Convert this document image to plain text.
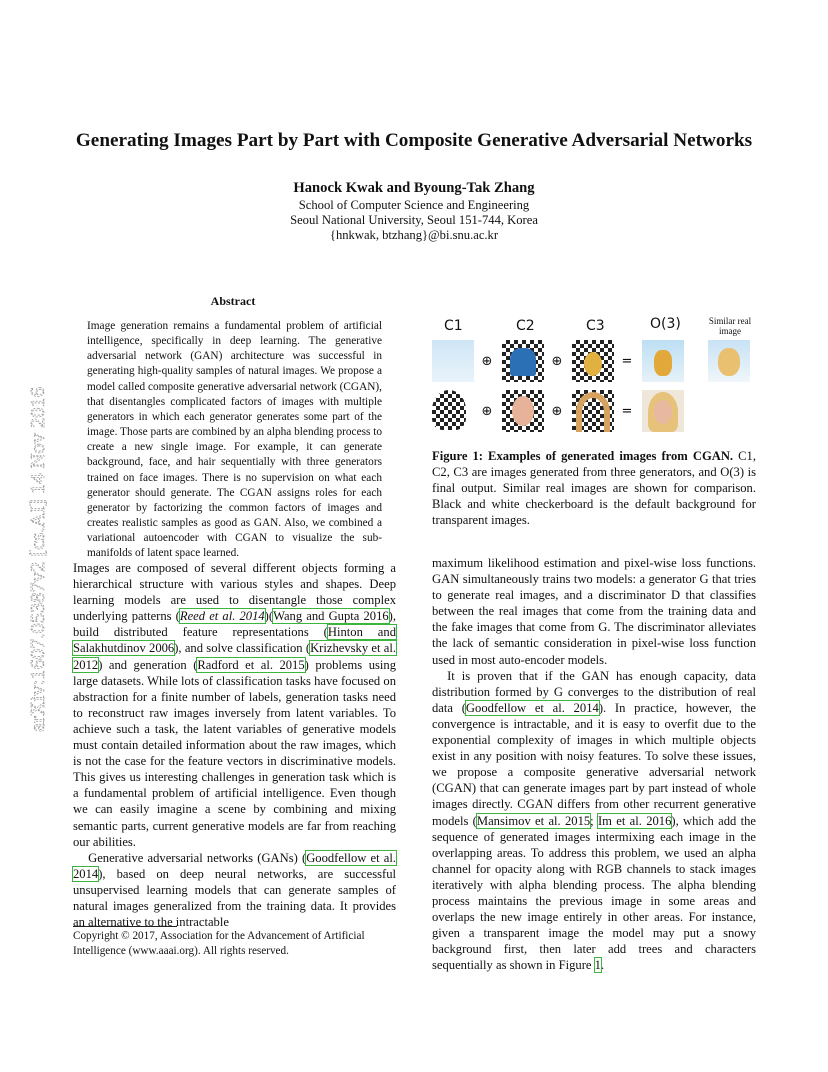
Generating Images Part by Part with Composite Generative Adversarial Networks
Hanock Kwak and Byoung-Tak Zhang
School of Computer Science and Engineering
Seoul National University, Seoul 151-744, Korea
{hnkwak, btzhang}@bi.snu.ac.kr
arXiv:1607.05387v2 [cs.AI] 14 Nov 2016
Abstract
Image generation remains a fundamental problem of artificial intelligence, specifically in deep learning. The generative adversarial network (GAN) architecture was successful in generating high-quality samples of natural images. We propose a model called composite generative adversarial network (CGAN), that disentangles complicated factors of images with multiple generators in which each generator generates some part of the image. Those parts are combined by an alpha blending process to create a new single image. For example, it can generate background, face, and hair sequentially with three generators trained on face images. There is no supervision on what each generator should generate. The CGAN assigns roles for each generator by factorizing the common factors of images and creates realistic samples as good as GAN. Also, we combined a variational autoencoder with CGAN to visualize the sub-manifolds of latent space learned.

Images are composed of several different objects forming a hierarchical structure with various styles and shapes. Deep learning models are used to disentangle those complex underlying patterns (Reed et al. 2014)(Wang and Gupta 2016), build distributed feature representations (Hinton and Salakhutdinov 2006), and solve classification (Krizhevsky et al. 2012) and generation (Radford et al. 2015) problems using large datasets. While lots of classification tasks have focused on abstraction for a finite number of labels, generation tasks need to reconstruct raw images inversely from latent variables. To achieve such a task, the latent variables of generative models must contain detailed information about the raw images, which is not the case for the feature vectors in discriminative models. This gives us interesting challenges in generation task which is a fundamental problem of artificial intelligence. Even though we can easily imagine a scene by combining and mixing semantic parts, current generative models are far from reaching our abilities.

Generative adversarial networks (GANs) (Goodfellow et al. 2014), based on deep neural networks, are successful unsupervised learning models that can generate samples of natural images generalized from the training data. It provides an alternative to the intractable

Copyright © 2017, Association for the Advancement of Artificial Intelligence (www.aaai.org). All rights reserved.
C1	C2	C3	O(3)	Similar real image
⊕	⊕	=
⊕	⊕	=
Figure 1: Examples of generated images from CGAN. C1, C2, C3 are images generated from three generators, and O(3) is final output. Similar real images are shown for comparison. Black and white checkerboard is the default background for transparent images.

maximum likelihood estimation and pixel-wise loss functions. GAN simultaneously trains two models: a generator G that tries to generate real images, and a discriminator D that classifies between the real images that come from the training data and the fake images that come from G. The discriminator alleviates the lack of semantic consideration in pixel-wise loss function used in most auto-encoder models.

It is proven that if the GAN has enough capacity, data distribution formed by G converges to the distribution of real data (Goodfellow et al. 2014). In practice, however, the convergence is intractable, and it is easy to overfit due to the exponential complexity of images in which multiple objects exist in any position with noisy features. To solve these issues, we propose a composite generative adversarial network (CGAN) that can generate images part by part instead of whole images directly. CGAN differs from other recurrent generative models (Mansimov et al. 2015; Im et al. 2016), which add the sequence of generated images intermixing each image in the overlapping areas. To address this problem, we used an alpha channel for opacity along with RGB channels to stack images iteratively with alpha blending process. The alpha blending process maintains the previous image in some areas and overlaps the new image entirely in other areas. For instance, given a transparent image the model may put a snowy background first, then later add trees and characters sequentially as shown in Figure 1.
